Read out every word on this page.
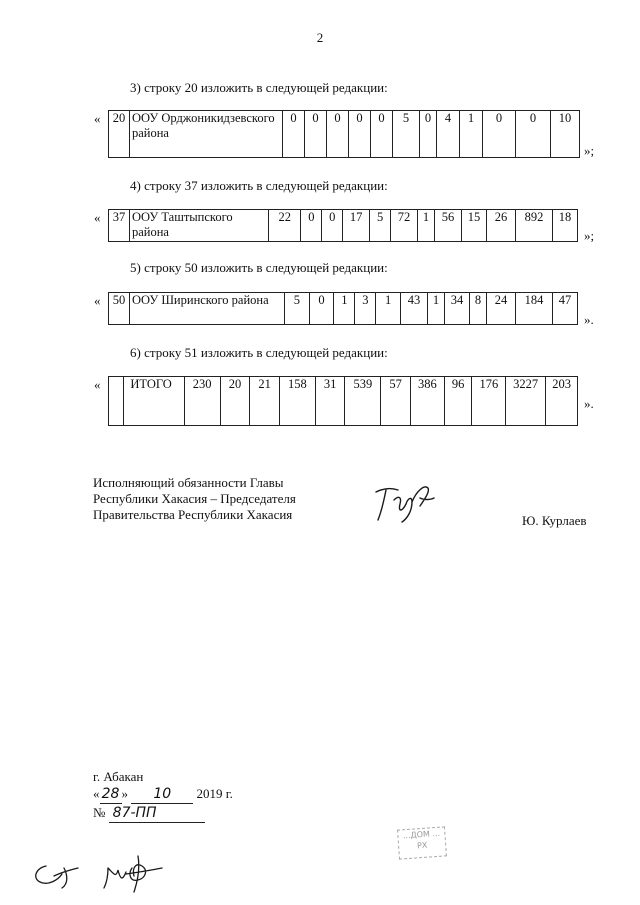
2
3) строку 20 изложить в следующей редакции:
« 20	ООУ Орджоникидзевского района	0	0	0	0	0	5	0	4	1	0	0	10
»;
4) строку 37 изложить в следующей редакции:
« 37	ООУ Таштыпского района	22	0	0	17	5	72	1	56	15	26	892	18
»;
5) строку 50 изложить в следующей редакции:
« 50	ООУ Ширинского района	5	0	1	3	1	43	1	34	8	24	184	47
».
6) строку 51 изложить в следующей редакции:
«
	ИТОГО	230	20	21	158	31	539	57	386	96	176	3227	203
».
Исполняющий обязанности Главы
Республики Хакасия – Председателя
Правительства Республики Хакасия	Ю. Курлаев
г. Абакан
« 28 » 10 2019 г.
№ 87-ПП
...ДОМ ... РХ
